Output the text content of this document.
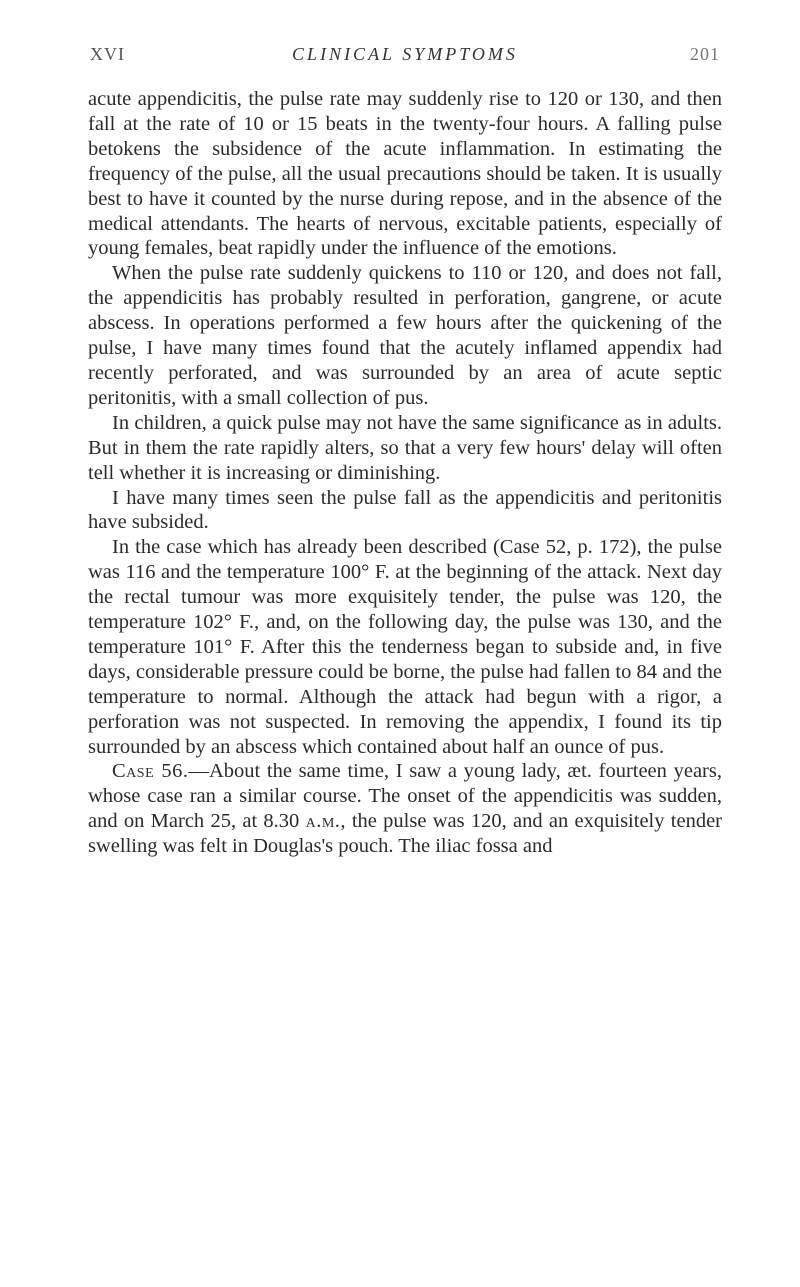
XVI	CLINICAL SYMPTOMS	201

acute appendicitis, the pulse rate may suddenly rise to 120 or 130, and then fall at the rate of 10 or 15 beats in the twenty-four hours. A falling pulse betokens the subsidence of the acute inflammation. In estimating the frequency of the pulse, all the usual precautions should be taken. It is usually best to have it counted by the nurse during repose, and in the absence of the medical attendants. The hearts of nervous, excitable patients, especially of young females, beat rapidly under the influence of the emotions.

When the pulse rate suddenly quickens to 110 or 120, and does not fall, the appendicitis has probably resulted in perforation, gangrene, or acute abscess. In operations performed a few hours after the quickening of the pulse, I have many times found that the acutely inflamed appendix had recently perforated, and was surrounded by an area of acute septic peritonitis, with a small collection of pus.

In children, a quick pulse may not have the same significance as in adults. But in them the rate rapidly alters, so that a very few hours' delay will often tell whether it is increasing or diminishing.

I have many times seen the pulse fall as the appendicitis and peritonitis have subsided.

In the case which has already been described (Case 52, p. 172), the pulse was 116 and the temperature 100° F. at the beginning of the attack. Next day the rectal tumour was more exquisitely tender, the pulse was 120, the temperature 102° F., and, on the following day, the pulse was 130, and the temperature 101° F. After this the tenderness began to subside and, in five days, considerable pressure could be borne, the pulse had fallen to 84 and the temperature to normal. Although the attack had begun with a rigor, a perforation was not suspected. In removing the appendix, I found its tip surrounded by an abscess which contained about half an ounce of pus.

Case 56.—About the same time, I saw a young lady, æt. fourteen years, whose case ran a similar course. The onset of the appendicitis was sudden, and on March 25, at 8.30 a.m., the pulse was 120, and an exquisitely tender swelling was felt in Douglas's pouch. The iliac fossa and
